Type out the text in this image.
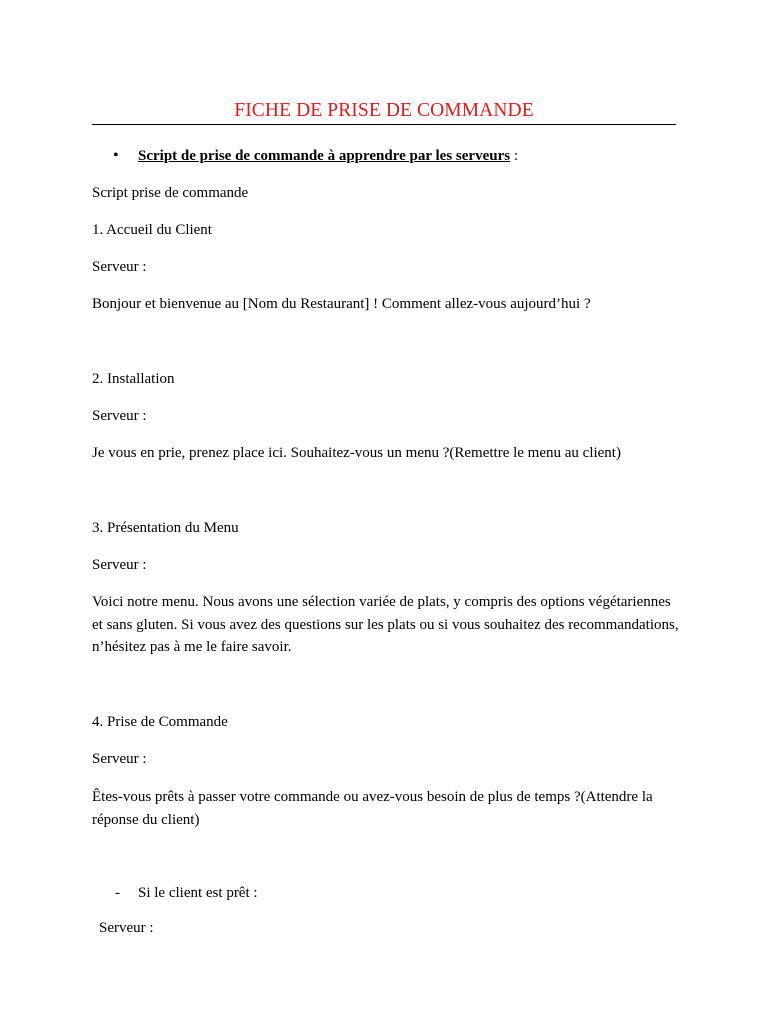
FICHE DE PRISE DE COMMANDE
• Script de prise de commande à apprendre par les serveurs :
Script prise de commande
1. Accueil du Client
Serveur :
Bonjour et bienvenue au [Nom du Restaurant] ! Comment allez-vous aujourd’hui ?
2. Installation
Serveur :
Je vous en prie, prenez place ici. Souhaitez-vous un menu ?(Remettre le menu au client)
3. Présentation du Menu
Serveur :
Voici notre menu. Nous avons une sélection variée de plats, y compris des options végétariennes et sans gluten. Si vous avez des questions sur les plats ou si vous souhaitez des recommandations, n’hésitez pas à me le faire savoir.
4. Prise de Commande
Serveur :
Êtes-vous prêts à passer votre commande ou avez-vous besoin de plus de temps ?(Attendre la réponse du client)
- Si le client est prêt :
Serveur :
